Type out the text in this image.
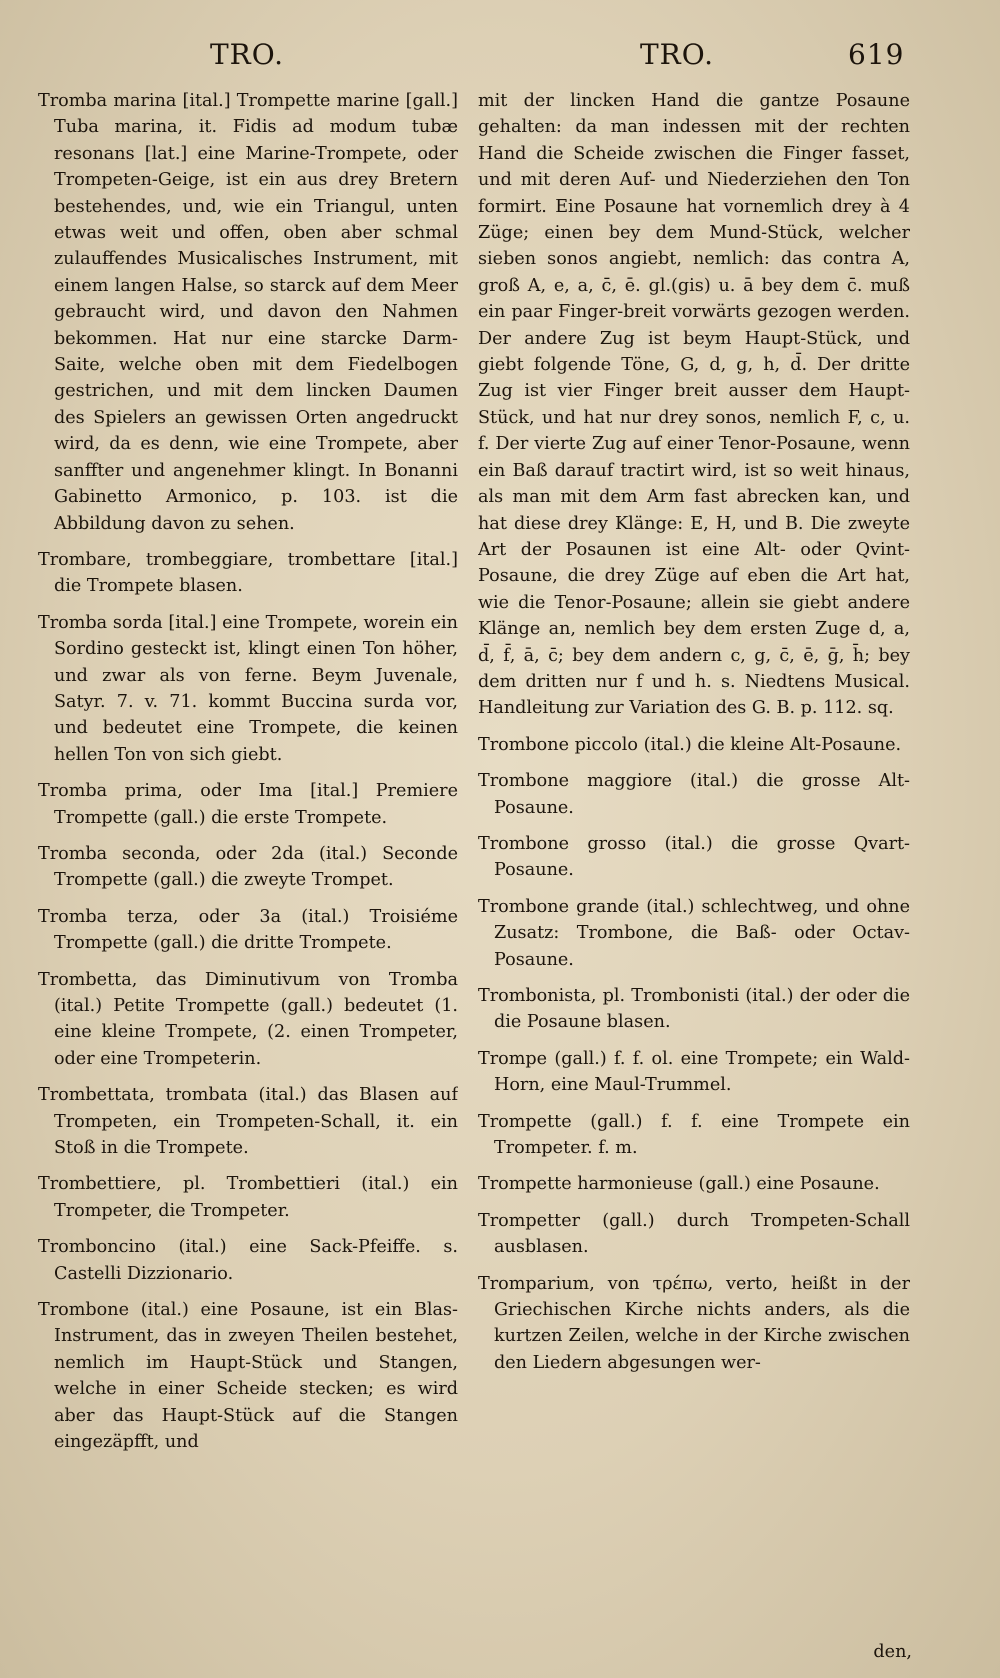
TRO.	TRO.	619

Tromba marina [ital.] Trompette marine [gall.] Tuba marina, it. Fidis ad modum tubæ resonans [lat.] eine Marine-Trompete, oder Trompeten-Geige, ist ein aus drey Bretern bestehendes, und, wie ein Triangul, unten etwas weit und offen, oben aber schmal zulauffendes Musicalisches Instrument, mit einem langen Halse, so starck auf dem Meer gebraucht wird, und davon den Nahmen bekommen. Hat nur eine starcke Darm-Saite, welche oben mit dem Fiedelbogen gestrichen, und mit dem lincken Daumen des Spielers an gewissen Orten angedruckt wird, da es denn, wie eine Trompete, aber sanffter und angenehmer klingt. In Bonanni Gabinetto Armonico, p. 103. ist die Abbildung davon zu sehen.

Trombare, trombeggiare, trombettare [ital.] die Trompete blasen.

Tromba sorda [ital.] eine Trompete, worein ein Sordino gesteckt ist, klingt einen Ton höher, und zwar als von ferne. Beym Juvenale, Satyr. 7. v. 71. kommt Buccina surda vor, und bedeutet eine Trompete, die keinen hellen Ton von sich giebt.

Tromba prima, oder Ima [ital.] Premiere Trompette (gall.) die erste Trompete.

Tromba seconda, oder 2da (ital.) Seconde Trompette (gall.) die zweyte Trompet.

Tromba terza, oder 3a (ital.) Troisiéme Trompette (gall.) die dritte Trompete.

Trombetta, das Diminutivum von Tromba (ital.) Petite Trompette (gall.) bedeutet (1. eine kleine Trompete, (2. einen Trompeter, oder eine Trompeterin.

Trombettata, trombata (ital.) das Blasen auf Trompeten, ein Trompeten-Schall, it. ein Stoß in die Trompete.

Trombettiere, pl. Trombettieri (ital.) ein Trompeter, die Trompeter.

Tromboncino (ital.) eine Sack-Pfeiffe. s. Castelli Dizzionario.

Trombone (ital.) eine Posaune, ist ein Blas-Instrument, das in zweyen Theilen bestehet, nemlich im Haupt-Stück und Stangen, welche in einer Scheide stecken; es wird aber das Haupt-Stück auf die Stangen eingezäpfft, und

mit der lincken Hand die gantze Posaune gehalten: da man indessen mit der rechten Hand die Scheide zwischen die Finger fasset, und mit deren Auf- und Niederziehen den Ton formirt. Eine Posaune hat vornemlich drey à 4 Züge; einen bey dem Mund-Stück, welcher sieben sonos angiebt, nemlich: das contra A, groß A, e, a, c̄, ē. gl.(gis) u. ā bey dem c̄. muß ein paar Finger-breit vorwärts gezogen werden. Der andere Zug ist beym Haupt-Stück, und giebt folgende Töne, G, d, g, h, d̄. Der dritte Zug ist vier Finger breit ausser dem Haupt-Stück, und hat nur drey sonos, nemlich F, c, u. f. Der vierte Zug auf einer Tenor-Posaune, wenn ein Baß darauf tractirt wird, ist so weit hinaus, als man mit dem Arm fast abrecken kan, und hat diese drey Klänge: E, H, und B. Die zweyte Art der Posaunen ist eine Alt- oder Qvint-Posaune, die drey Züge auf eben die Art hat, wie die Tenor-Posaune; allein sie giebt andere Klänge an, nemlich bey dem ersten Zuge d, a, d̄, f̄, ā, c̄; bey dem andern c, g, c̄, ē, ḡ, h̄; bey dem dritten nur f und h. s. Niedtens Musical. Handleitung zur Variation des G. B. p. 112. sq.

Trombone piccolo (ital.) die kleine Alt-Posaune.

Trombone maggiore (ital.) die grosse Alt-Posaune.

Trombone grosso (ital.) die grosse Qvart-Posaune.

Trombone grande (ital.) schlechtweg, und ohne Zusatz: Trombone, die Baß- oder Octav-Posaune.

Trombonista, pl. Trombonisti (ital.) der oder die die Posaune blasen.

Trompe (gall.) f. f. ol. eine Trompete; ein Wald-Horn, eine Maul-Trummel.

Trompette (gall.) f. f. eine Trompete ein Trompeter. f. m.

Trompette harmonieuse (gall.) eine Posaune.

Trompetter (gall.) durch Trompeten-Schall ausblasen.

Tromparium, von τρέπω, verto, heißt in der Griechischen Kirche nichts anders, als die kurtzen Zeilen, welche in der Kirche zwischen den Liedern abgesungen wer-

den,
